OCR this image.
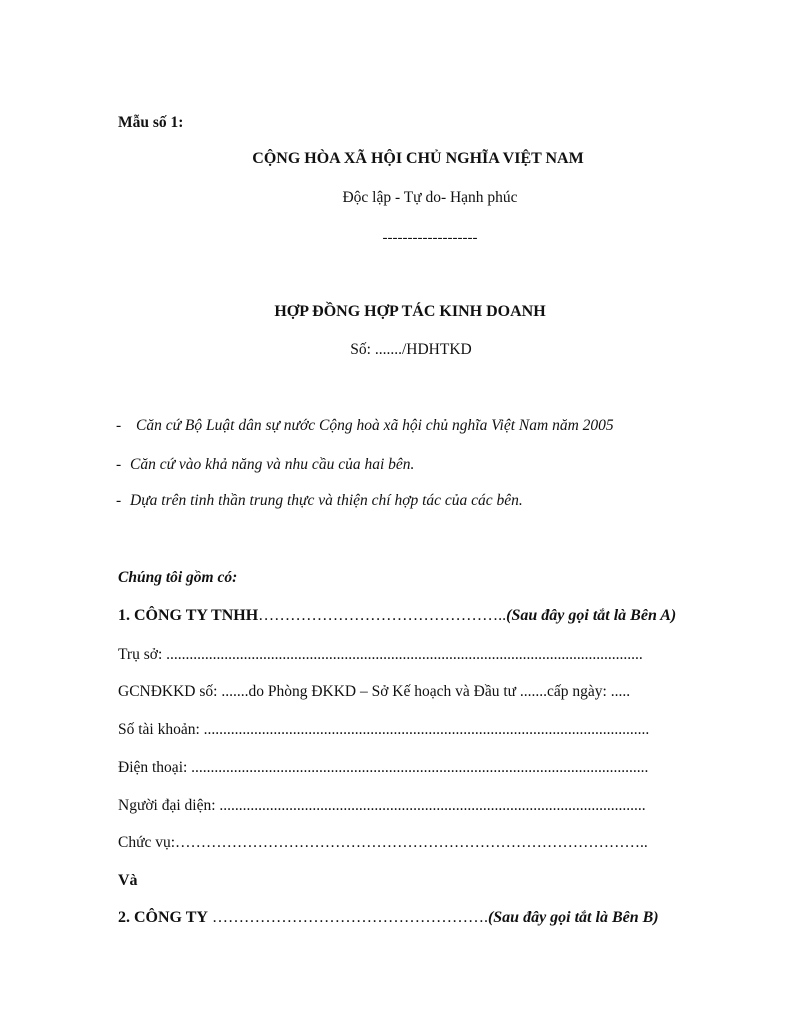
Mẫu số 1:
CỘNG HÒA XÃ HỘI CHỦ NGHĨA VIỆT NAM
Độc lập - Tự do- Hạnh phúc
-------------------
HỢP ĐỒNG HỢP TÁC KINH DOANH
Số: ......./HDHTKD
- Căn cứ Bộ Luật dân sự nước Cộng hoà xã hội chủ nghĩa Việt Nam năm 2005
- Căn cứ vào khả năng và nhu cầu của hai bên.
- Dựa trên tinh thần trung thực và thiện chí hợp tác của các bên.
Chúng tôi gồm có:
1. CÔNG TY TNHH………………………………………..(Sau đây gọi tắt là Bên A)
Trụ sở: ...........................................................................................................................
GCNĐKKD số: .......do Phòng ĐKKD – Sở Kế hoạch và Đầu tư .......cấp ngày: .....
Số tài khoản: ...................................................................................................................
Điện thoại: ......................................................................................................................
Người đại diện: ..............................................................................................................
Chức vụ:………………………………………………………………………………..
Và
2. CÔNG TY …………………………………………….(Sau đây gọi tắt là Bên B)
